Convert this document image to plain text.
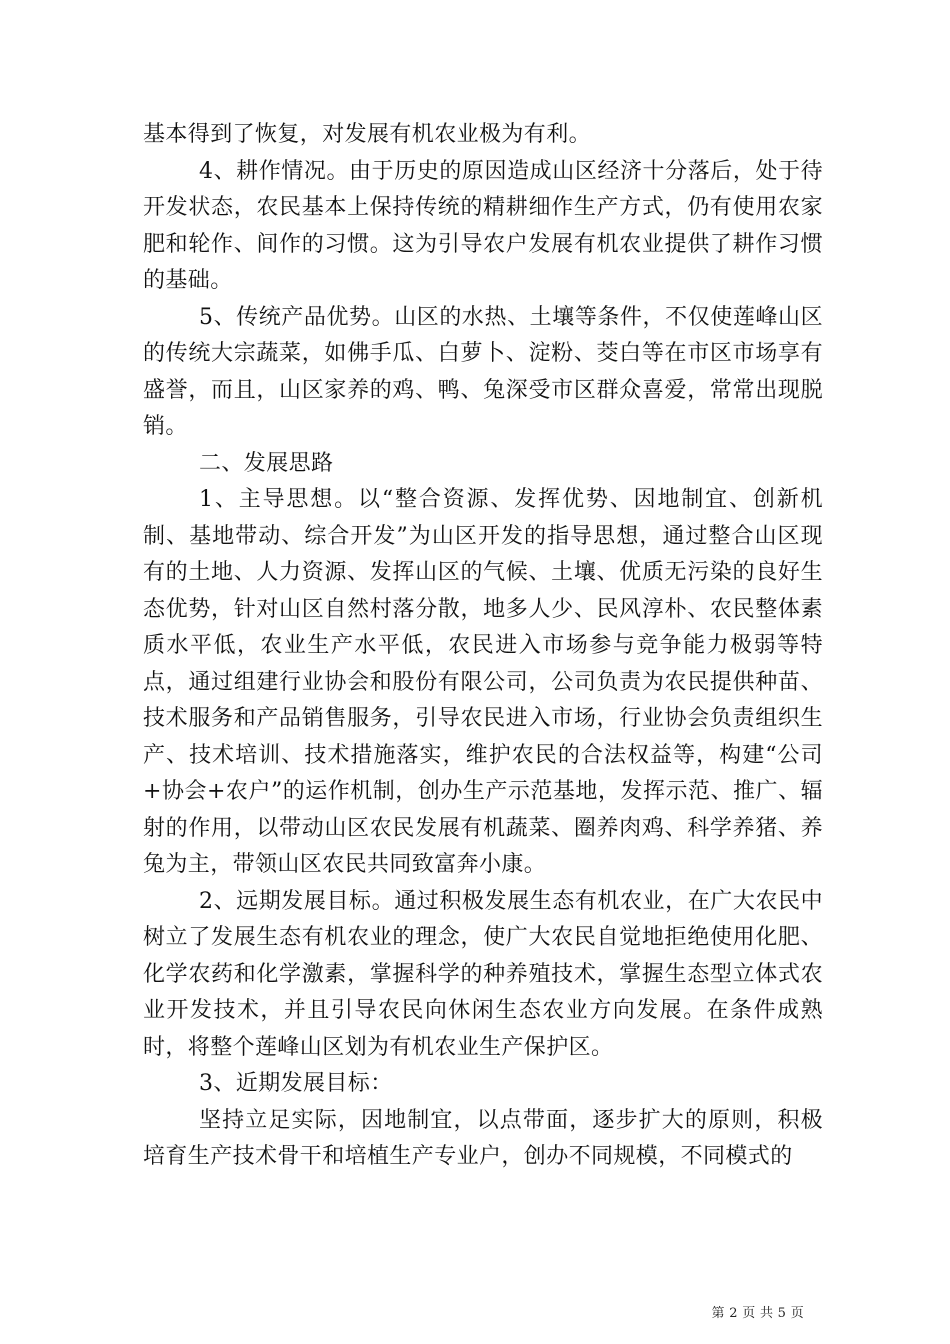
基本得到了恢复，对发展有机农业极为有利。

4、耕作情况。由于历史的原因造成山区经济十分落后，处于待开发状态，农民基本上保持传统的精耕细作生产方式，仍有使用农家肥和轮作、间作的习惯。这为引导农户发展有机农业提供了耕作习惯的基础。

5、传统产品优势。山区的水热、土壤等条件，不仅使莲峰山区的传统大宗蔬菜，如佛手瓜、白萝卜、淀粉、茭白等在市区市场享有盛誉，而且，山区家养的鸡、鸭、兔深受市区群众喜爱，常常出现脱销。

二、发展思路

1、主导思想。以“整合资源、发挥优势、因地制宜、创新机制、基地带动、综合开发”为山区开发的指导思想，通过整合山区现有的土地、人力资源、发挥山区的气候、土壤、优质无污染的良好生态优势，针对山区自然村落分散，地多人少、民风淳朴、农民整体素质水平低，农业生产水平低，农民进入市场参与竞争能力极弱等特点，通过组建行业协会和股份有限公司，公司负责为农民提供种苗、技术服务和产品销售服务，引导农民进入市场，行业协会负责组织生产、技术培训、技术措施落实，维护农民的合法权益等，构建“公司+协会+农户”的运作机制，创办生产示范基地，发挥示范、推广、辐射的作用，以带动山区农民发展有机蔬菜、圈养肉鸡、科学养猪、养兔为主，带领山区农民共同致富奔小康。

2、远期发展目标。通过积极发展生态有机农业，在广大农民中树立了发展生态有机农业的理念，使广大农民自觉地拒绝使用化肥、化学农药和化学激素，掌握科学的种养殖技术，掌握生态型立体式农业开发技术，并且引导农民向休闲生态农业方向发展。在条件成熟时，将整个莲峰山区划为有机农业生产保护区。

3、近期发展目标：

坚持立足实际，因地制宜，以点带面，逐步扩大的原则，积极培育生产技术骨干和培植生产专业户，创办不同规模，不同模式的

第 2 页 共 5 页
